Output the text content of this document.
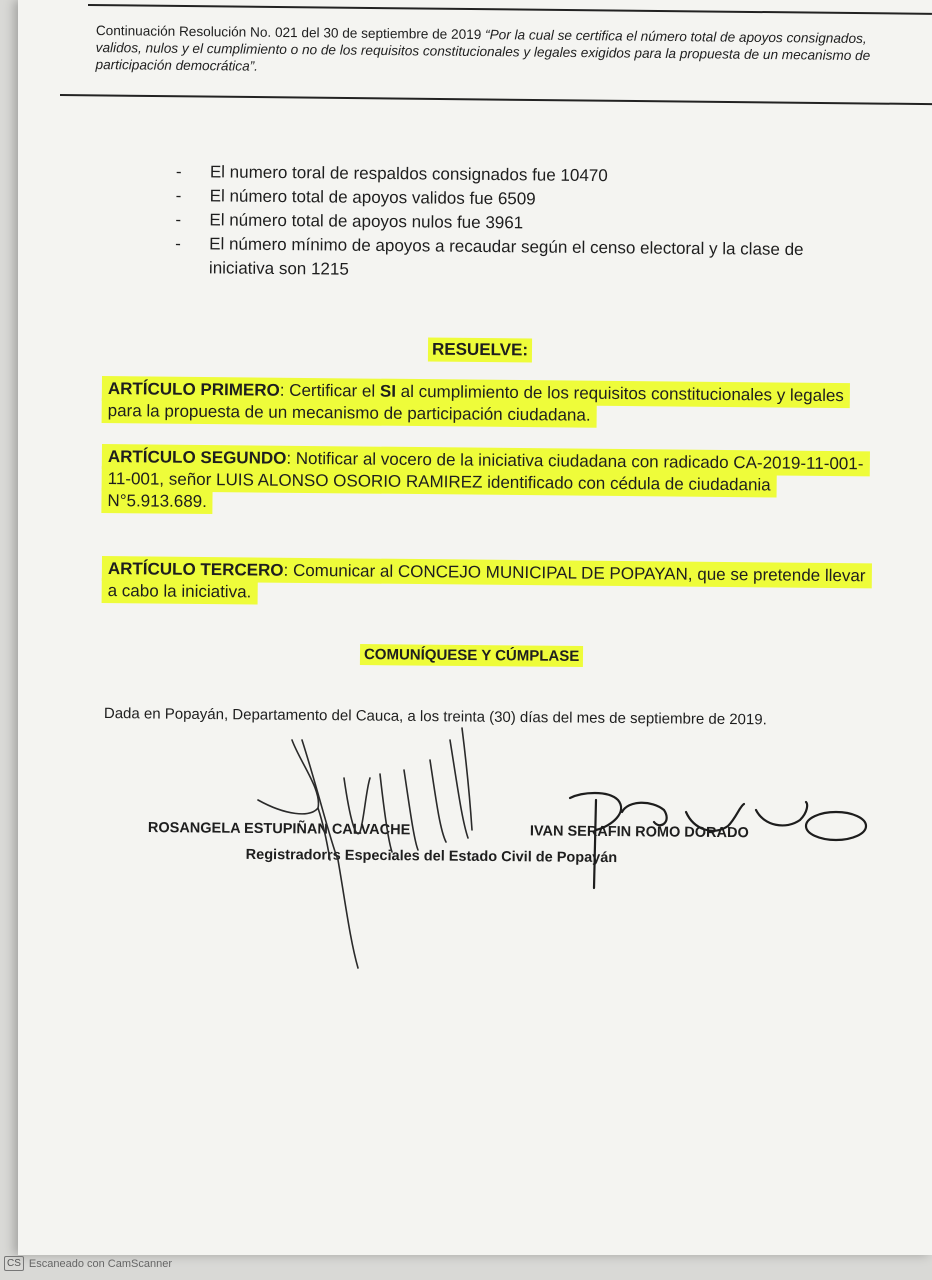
Continuación Resolución No. 021 del 30 de septiembre de 2019 “Por la cual se certifica el número total de apoyos consignados, validos, nulos y el cumplimiento o no de los requisitos constitucionales y legales exigidos para la propuesta de un mecanismo de participación democrática”.
- El numero toral de respaldos consignados fue 10470
- El número total de apoyos validos fue 6509
- El número total de apoyos nulos fue 3961
- El número mínimo de apoyos a recaudar según el censo electoral y la clase de iniciativa son 1215
RESUELVE:
ARTÍCULO PRIMERO: Certificar el SI al cumplimiento de los requisitos constitucionales y legales para la propuesta de un mecanismo de participación ciudadana.
ARTÍCULO SEGUNDO: Notificar al vocero de la iniciativa ciudadana con radicado CA-2019-11-001-11-001, señor LUIS ALONSO OSORIO RAMIREZ identificado con cédula de ciudadania N°5.913.689.
ARTÍCULO TERCERO: Comunicar al CONCEJO MUNICIPAL DE POPAYAN, que se pretende llevar a cabo la iniciativa.
COMUNÍQUESE Y CÚMPLASE
Dada en Popayán, Departamento del Cauca, a los treinta (30) días del mes de septiembre de 2019.
ROSANGELA ESTUPIÑAN CALVACHE	IVAN SERAFIN ROMO DORADO
Registradorrs Especiales del Estado Civil de Popayán
CS Escaneado con CamScanner
